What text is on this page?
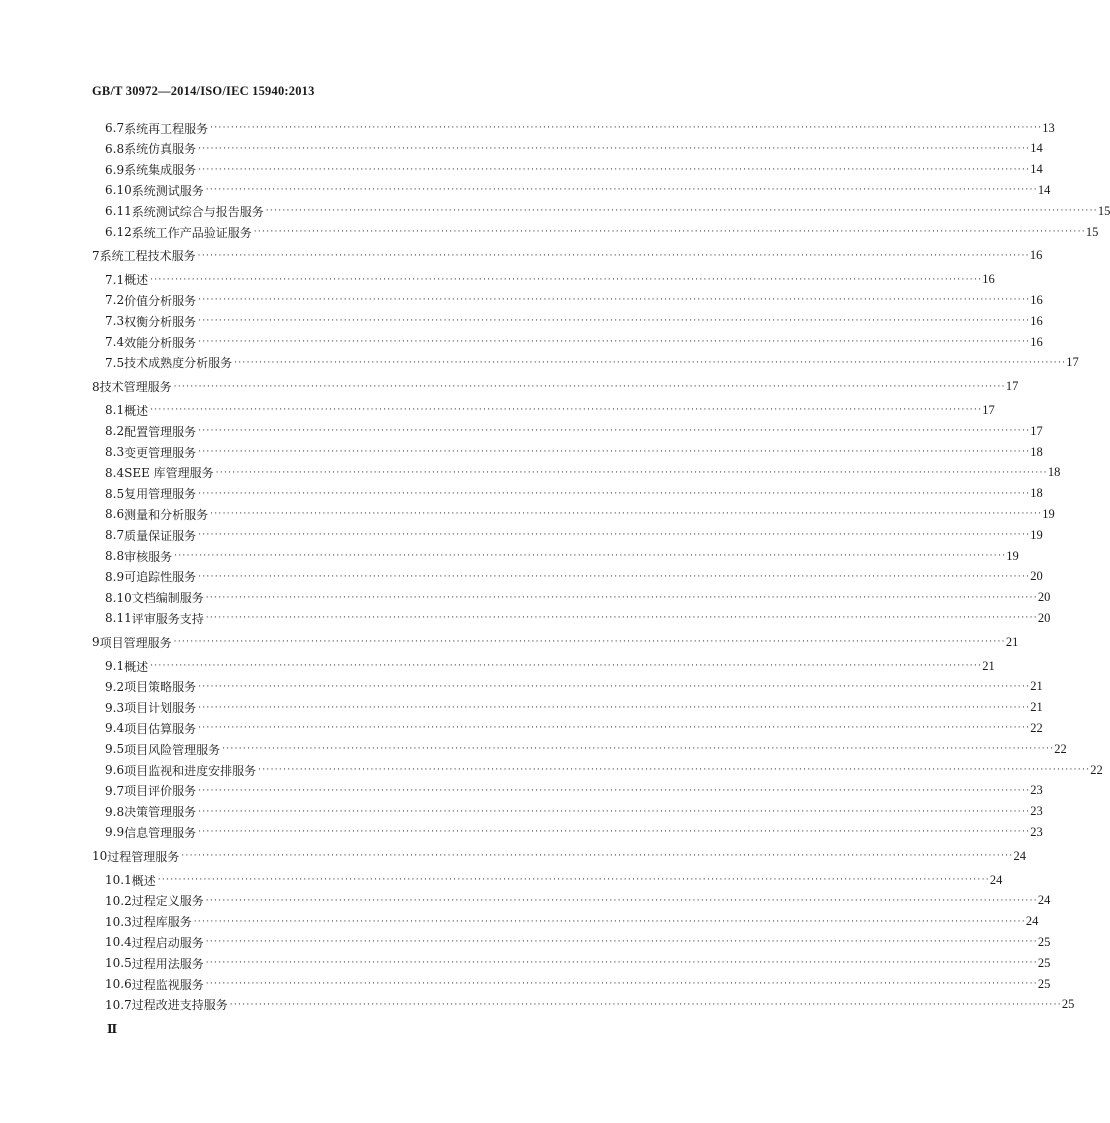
GB/T 30972—2014/ISO/IEC 15940:2013
6.7 系统再工程服务 ········································································································································································································ 13
6.8 系统仿真服务 ········································································································································································································ 14
6.9 系统集成服务 ········································································································································································································ 14
6.10 系统测试服务 ········································································································································································································ 14
6.11 系统测试综合与报告服务 ········································································································································································································ 15
6.12 系统工作产品验证服务 ········································································································································································································ 15
7 系统工程技术服务 ········································································································································································································ 16
7.1 概述 ········································································································································································································ 16
7.2 价值分析服务 ········································································································································································································ 16
7.3 权衡分析服务 ········································································································································································································ 16
7.4 效能分析服务 ········································································································································································································ 16
7.5 技术成熟度分析服务 ········································································································································································································ 17
8 技术管理服务 ········································································································································································································ 17
8.1 概述 ········································································································································································································ 17
8.2 配置管理服务 ········································································································································································································ 17
8.3 变更管理服务 ········································································································································································································ 18
8.4 SEE 库管理服务 ········································································································································································································ 18
8.5 复用管理服务 ········································································································································································································ 18
8.6 测量和分析服务 ········································································································································································································ 19
8.7 质量保证服务 ········································································································································································································ 19
8.8 审核服务 ········································································································································································································ 19
8.9 可追踪性服务 ········································································································································································································ 20
8.10 文档编制服务 ········································································································································································································ 20
8.11 评审服务支持 ········································································································································································································ 20
9 项目管理服务 ········································································································································································································ 21
9.1 概述 ········································································································································································································ 21
9.2 项目策略服务 ········································································································································································································ 21
9.3 项目计划服务 ········································································································································································································ 21
9.4 项目估算服务 ········································································································································································································ 22
9.5 项目风险管理服务 ········································································································································································································ 22
9.6 项目监视和进度安排服务 ········································································································································································································ 22
9.7 项目评价服务 ········································································································································································································ 23
9.8 决策管理服务 ········································································································································································································ 23
9.9 信息管理服务 ········································································································································································································ 23
10 过程管理服务 ········································································································································································································ 24
10.1 概述 ········································································································································································································ 24
10.2 过程定义服务 ········································································································································································································ 24
10.3 过程库服务 ········································································································································································································ 24
10.4 过程启动服务 ········································································································································································································ 25
10.5 过程用法服务 ········································································································································································································ 25
10.6 过程监视服务 ········································································································································································································ 25
10.7 过程改进支持服务 ········································································································································································································ 25
Ⅱ
